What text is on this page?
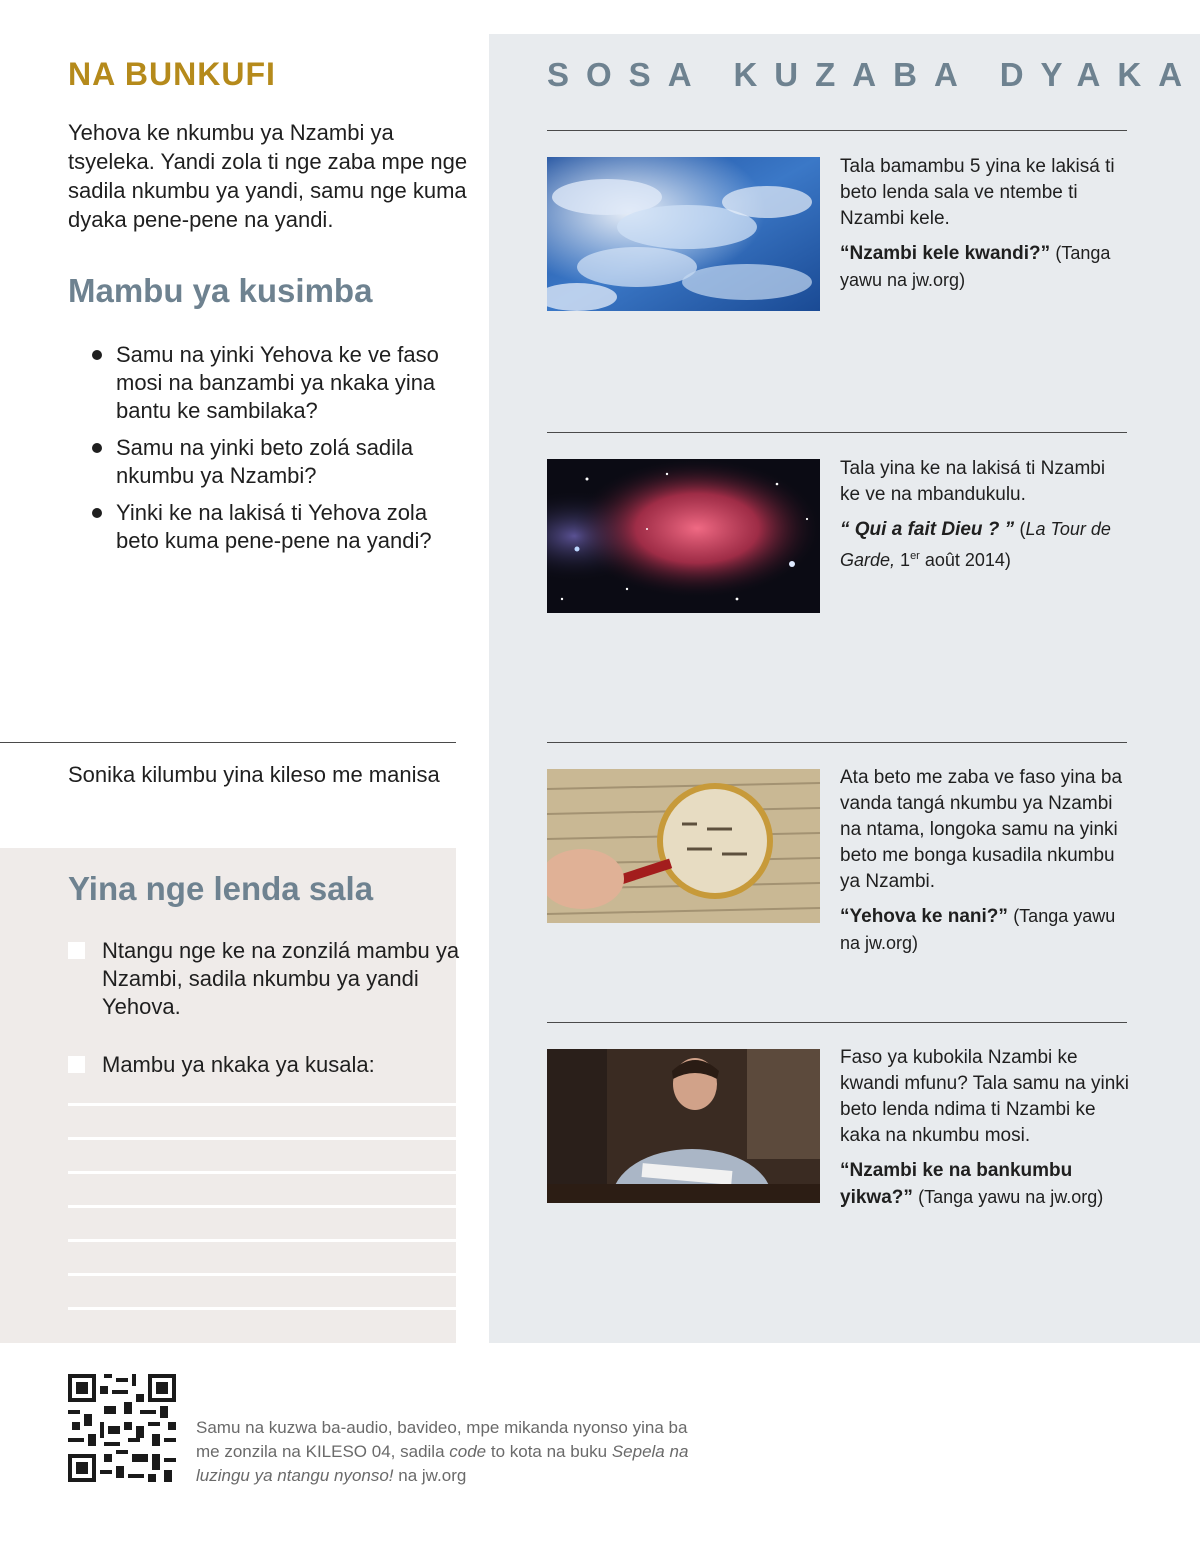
NA BUNKUFI
Yehova ke nkumbu ya Nzambi ya tsyeleka. Yandi zola ti nge zaba mpe nge sadila nkumbu ya yandi, samu nge kuma dyaka pene-pene na yandi.
Mambu ya kusimba
Samu na yinki Yehova ke ve faso mosi na banzambi ya nkaka yina bantu ke sambilaka?
Samu na yinki beto zolá sadila nkumbu ya Nzambi?
Yinki ke na lakisá ti Yehova zola beto kuma pene-pene na yandi?
Sonika kilumbu yina kileso me manisa
Yina nge lenda sala
Ntangu nge ke na zonzilá mambu ya Nzambi, sadila nkumbu ya yandi Yehova.
Mambu ya nkaka ya kusala:
SOSA KUZABA DYAKA
Tala bamambu 5 yina ke lakisá ti beto lenda sala ve ntembe ti Nzambi kele.
“Nzambi kele kwandi?” (Tanga yawu na jw.org)
Tala yina ke na lakisá ti Nzambi ke ve na mbandukulu.
“ Qui a fait Dieu ? ” (La Tour de Garde, 1er août 2014)
Ata beto me zaba ve faso yina ba vanda tangá nkumbu ya Nzambi na ntama, longoka samu na yinki beto me bonga kusadila nkumbu ya Nzambi.
“Yehova ke nani?” (Tanga yawu na jw.org)
Faso ya kubokila Nzambi ke kwandi mfunu? Tala samu na yinki beto lenda ndima ti Nzambi ke kaka na nkumbu mosi.
“Nzambi ke na bankumbu yikwa?” (Tanga yawu na jw.org)
Samu na kuzwa ba-audio, bavideo, mpe mikanda nyonso yina ba me zonzila na KILESO 04, sadila code to kota na buku Sepela na luzingu ya ntangu nyonso! na jw.org
